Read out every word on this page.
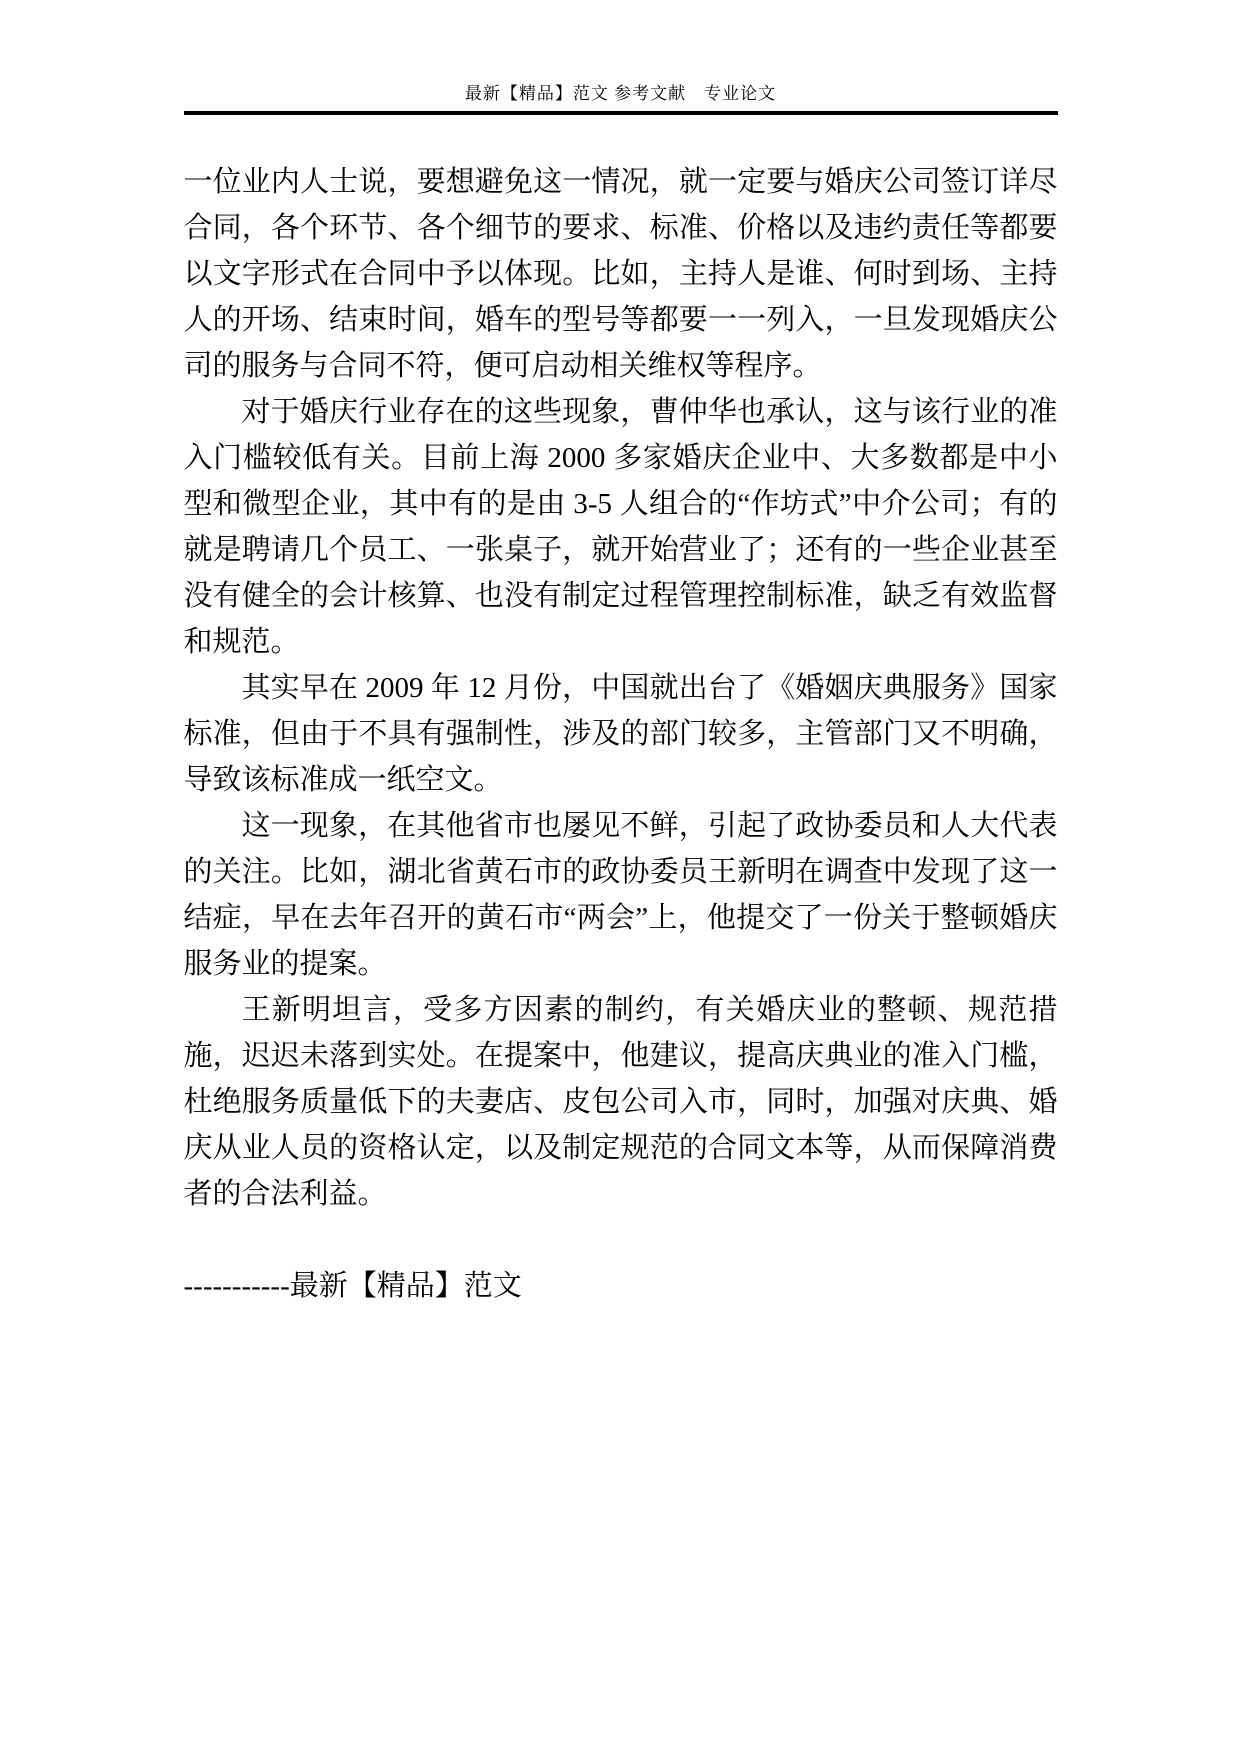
最新【精品】范文 参考文献　专业论文

一位业内人士说，要想避免这一情况，就一定要与婚庆公司签订详尽合同，各个环节、各个细节的要求、标准、价格以及违约责任等都要以文字形式在合同中予以体现。比如，主持人是谁、何时到场、主持人的开场、结束时间，婚车的型号等都要一一列入，一旦发现婚庆公司的服务与合同不符，便可启动相关维权等程序。

对于婚庆行业存在的这些现象，曹仲华也承认，这与该行业的准入门槛较低有关。目前上海 2000 多家婚庆企业中、大多数都是中小型和微型企业，其中有的是由 3-5 人组合的“作坊式”中介公司；有的就是聘请几个员工、一张桌子，就开始营业了；还有的一些企业甚至没有健全的会计核算、也没有制定过程管理控制标准，缺乏有效监督和规范。

其实早在 2009 年 12 月份，中国就出台了《婚姻庆典服务》国家标准，但由于不具有强制性，涉及的部门较多，主管部门又不明确，导致该标准成一纸空文。

这一现象，在其他省市也屡见不鲜，引起了政协委员和人大代表的关注。比如，湖北省黄石市的政协委员王新明在调查中发现了这一结症，早在去年召开的黄石市“两会”上，他提交了一份关于整顿婚庆服务业的提案。

王新明坦言，受多方因素的制约，有关婚庆业的整顿、规范措施，迟迟未落到实处。在提案中，他建议，提高庆典业的准入门槛，杜绝服务质量低下的夫妻店、皮包公司入市，同时，加强对庆典、婚庆从业人员的资格认定，以及制定规范的合同文本等，从而保障消费者的合法利益。

-----------最新【精品】范文
